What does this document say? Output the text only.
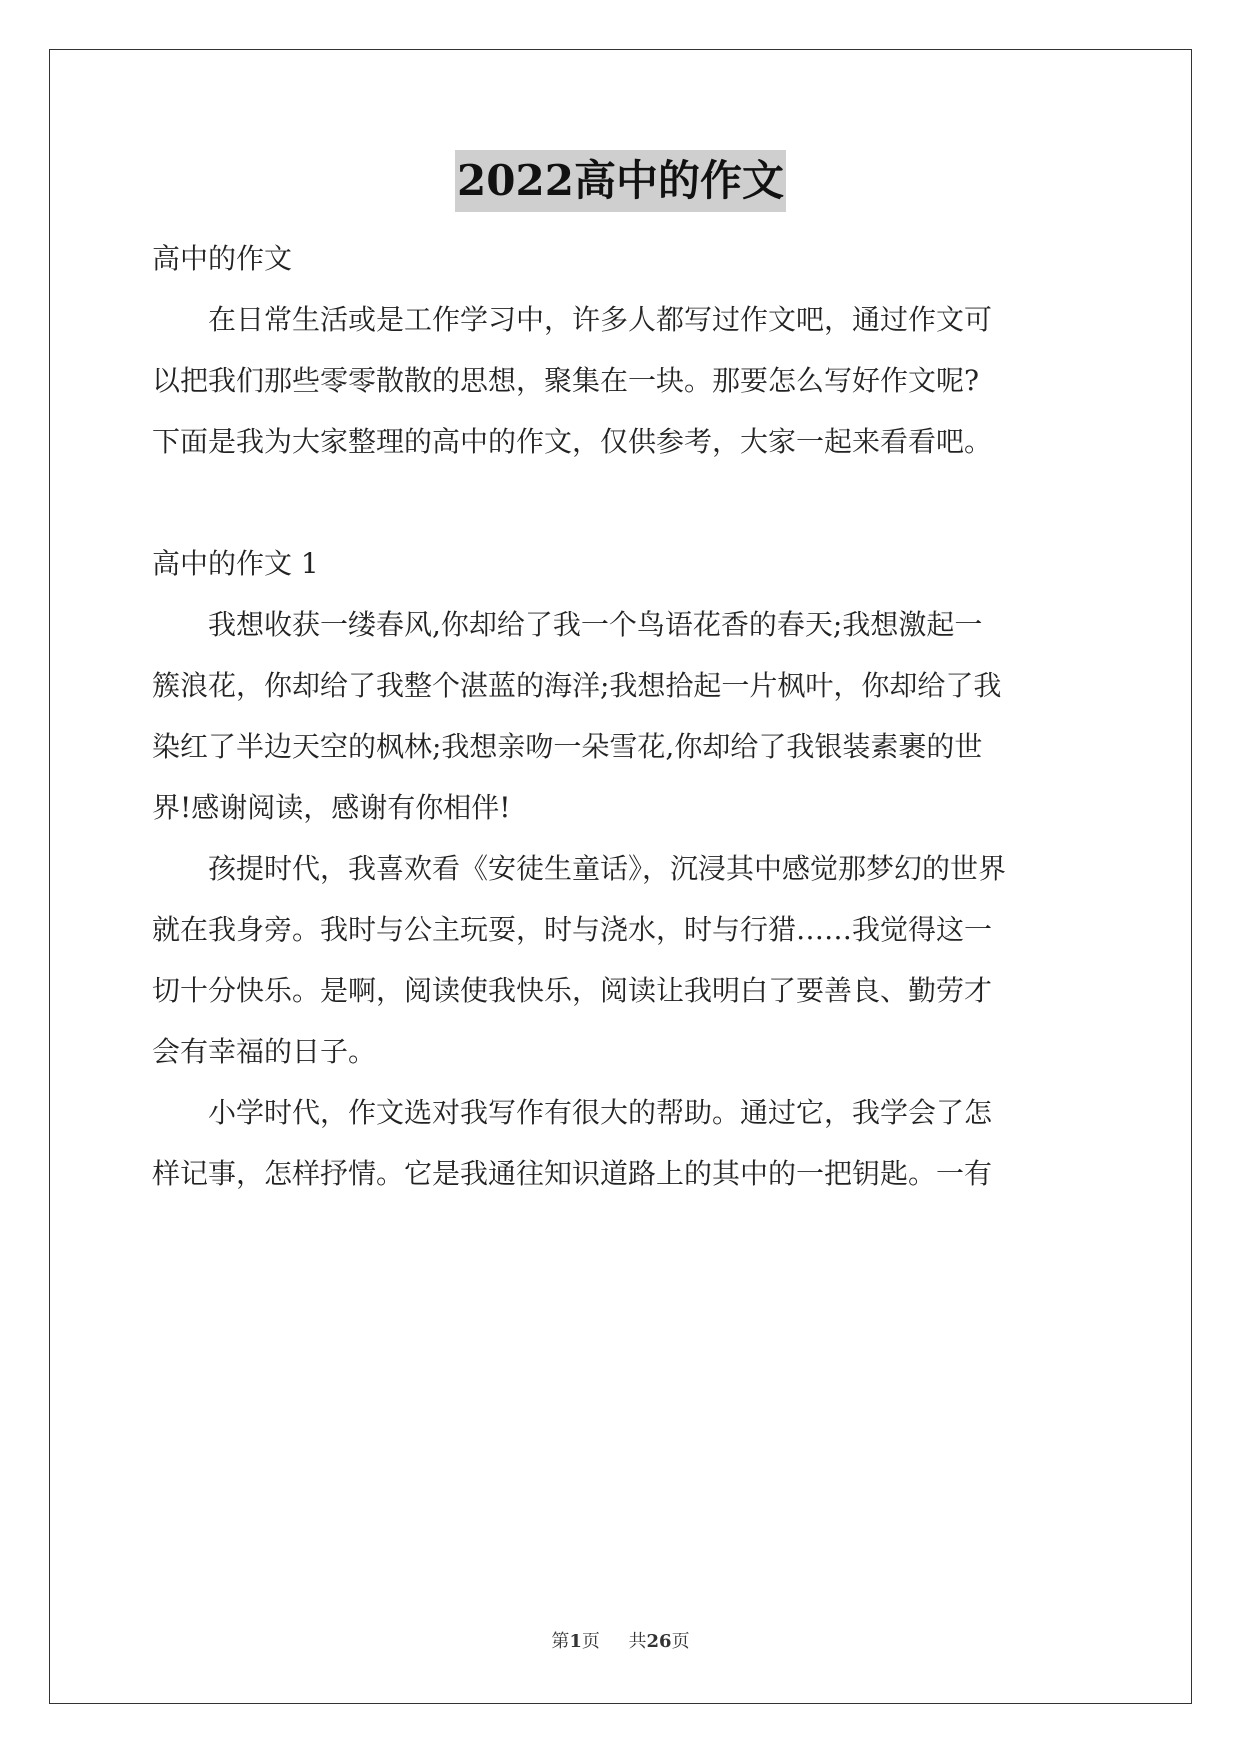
2022高中的作文
高中的作文
在日常生活或是工作学习中，许多人都写过作文吧，通过作文可
以把我们那些零零散散的思想，聚集在一块。那要怎么写好作文呢?
下面是我为大家整理的高中的作文，仅供参考，大家一起来看看吧。
高中的作文 1
我想收获一缕春风,你却给了我一个鸟语花香的春天;我想激起一
簇浪花，你却给了我整个湛蓝的海洋;我想拾起一片枫叶，你却给了我
染红了半边天空的枫林;我想亲吻一朵雪花,你却给了我银装素裹的世
界!感谢阅读，感谢有你相伴!
孩提时代，我喜欢看《安徒生童话》，沉浸其中感觉那梦幻的世界
就在我身旁。我时与公主玩耍，时与浇水，时与行猎……我觉得这一
切十分快乐。是啊，阅读使我快乐，阅读让我明白了要善良、勤劳才
会有幸福的日子。
小学时代，作文选对我写作有很大的帮助。通过它，我学会了怎
样记事，怎样抒情。它是我通往知识道路上的其中的一把钥匙。一有
第1页 共26页
